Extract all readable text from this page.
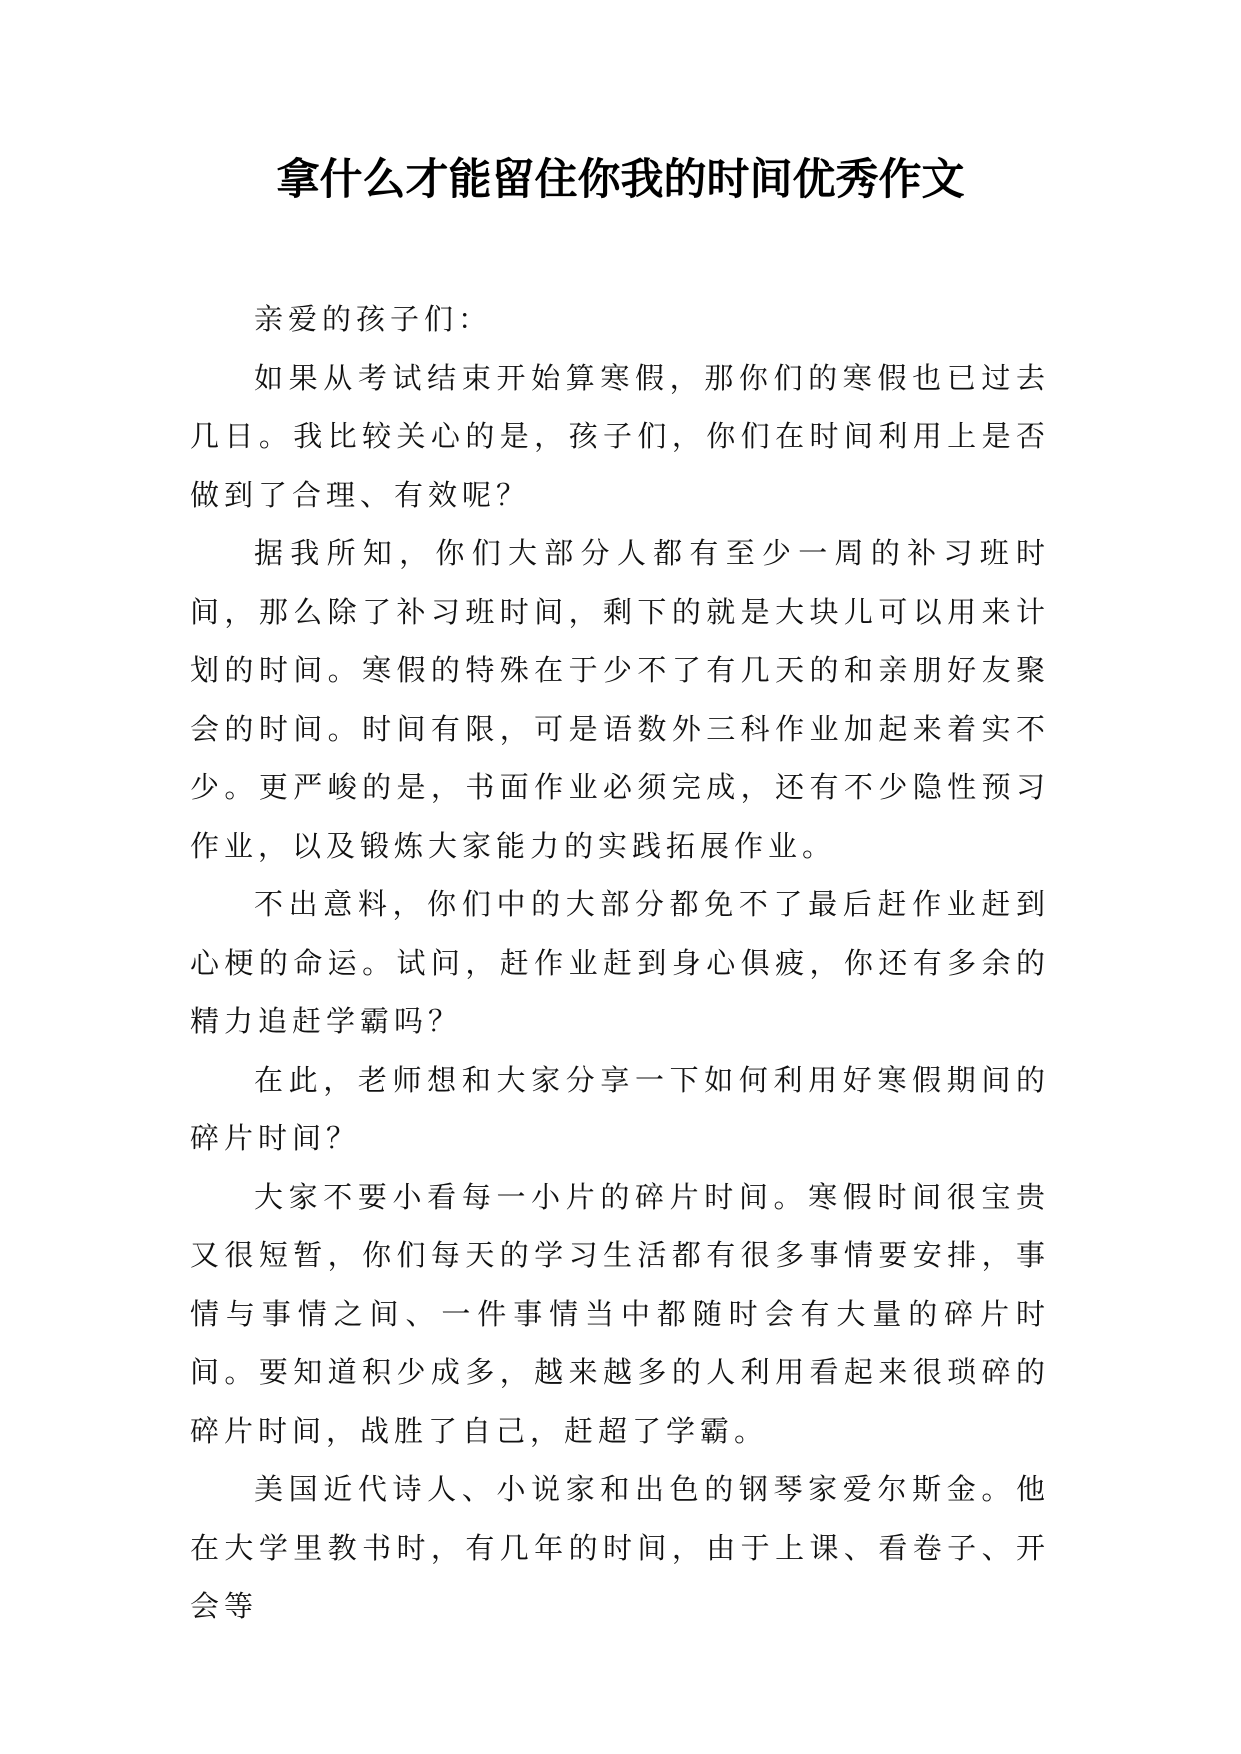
拿什么才能留住你我的时间优秀作文

亲爱的孩子们：

如果从考试结束开始算寒假，那你们的寒假也已过去几日。我比较关心的是，孩子们，你们在时间利用上是否做到了合理、有效呢？

据我所知，你们大部分人都有至少一周的补习班时间，那么除了补习班时间，剩下的就是大块儿可以用来计划的时间。寒假的特殊在于少不了有几天的和亲朋好友聚会的时间。时间有限，可是语数外三科作业加起来着实不少。更严峻的是，书面作业必须完成，还有不少隐性预习作业，以及锻炼大家能力的实践拓展作业。

不出意料，你们中的大部分都免不了最后赶作业赶到心梗的命运。试问，赶作业赶到身心俱疲，你还有多余的精力追赶学霸吗？

在此，老师想和大家分享一下如何利用好寒假期间的碎片时间？

大家不要小看每一小片的碎片时间。寒假时间很宝贵又很短暂，你们每天的学习生活都有很多事情要安排，事情与事情之间、一件事情当中都随时会有大量的碎片时间。要知道积少成多，越来越多的人利用看起来很琐碎的碎片时间，战胜了自己，赶超了学霸。

美国近代诗人、小说家和出色的钢琴家爱尔斯金。他在大学里教书时，有几年的时间，由于上课、看卷子、开会等
